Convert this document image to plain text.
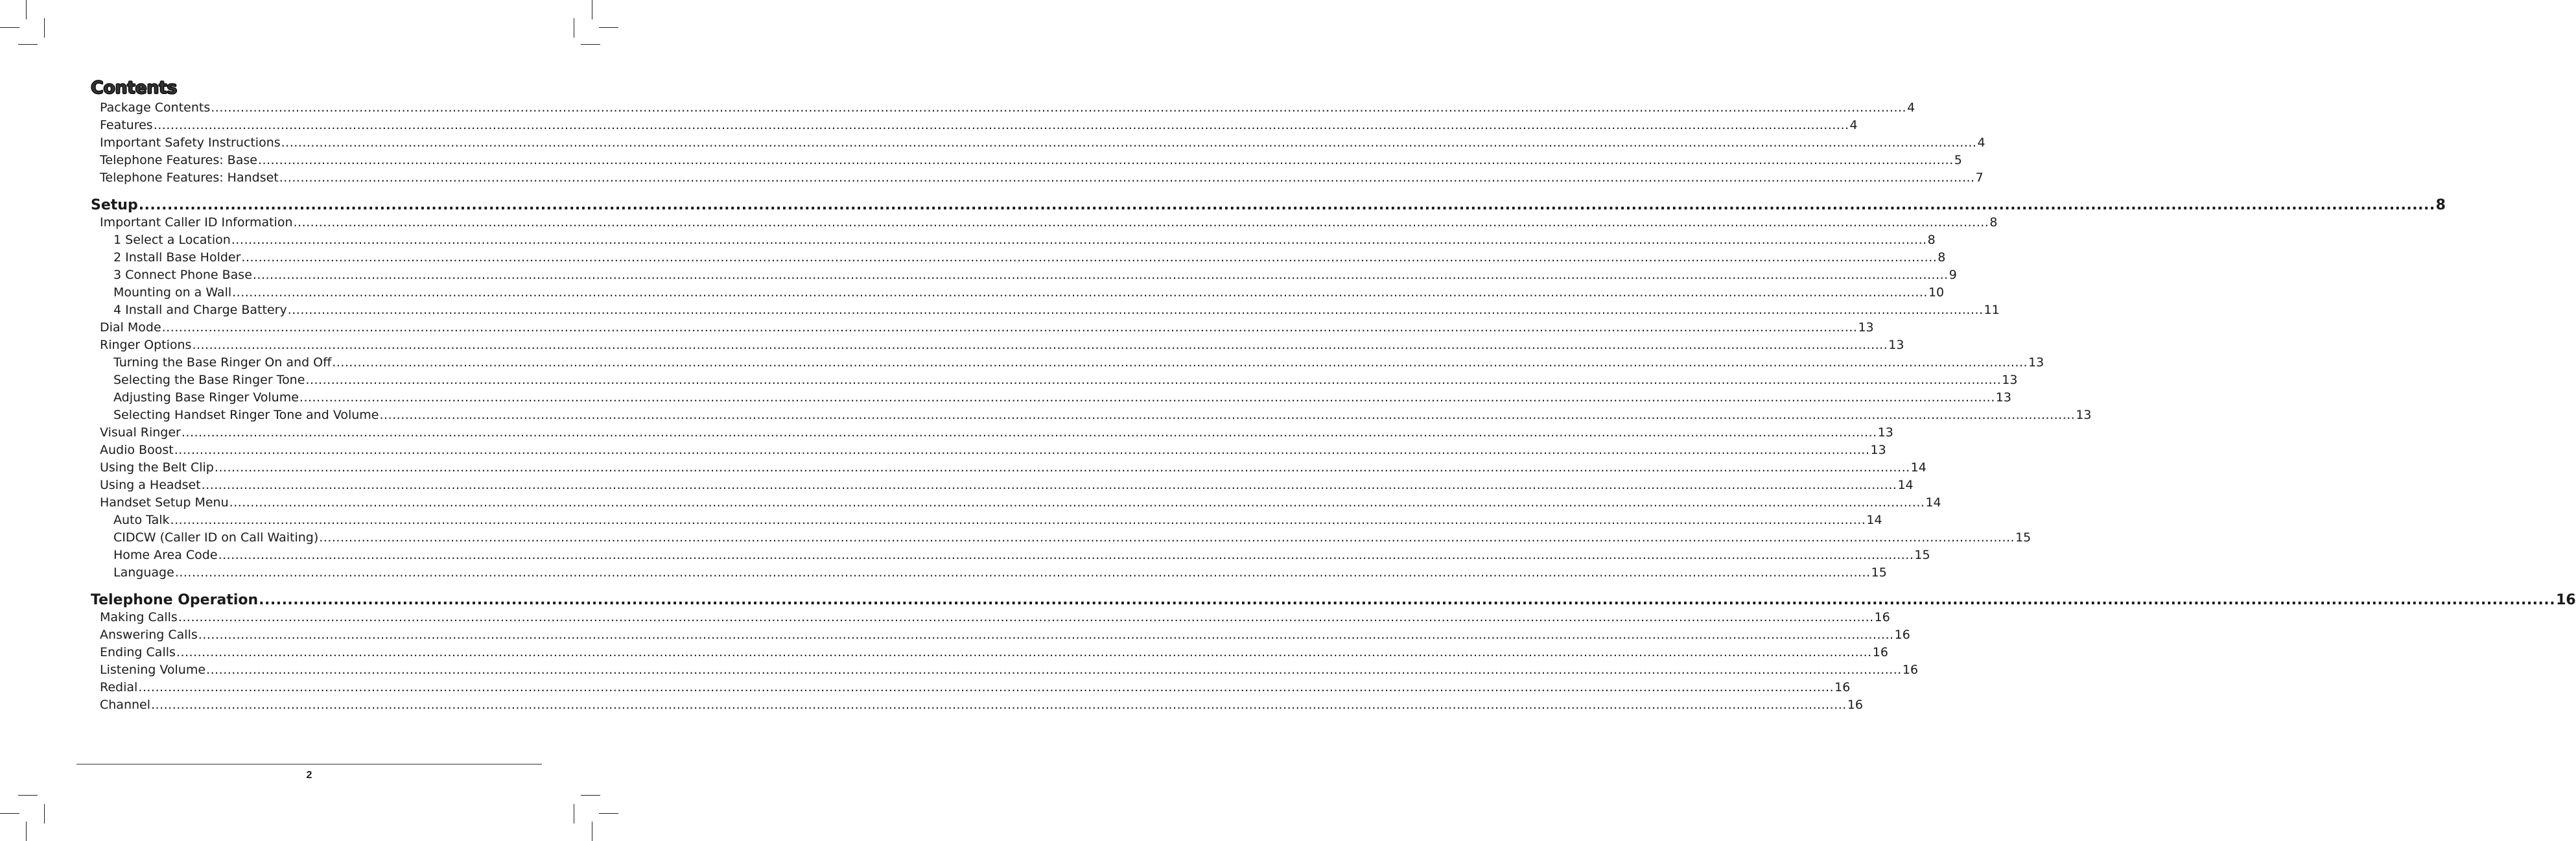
Contents
Package Contents ................................................................................................................................................................................................................................................................................................................................................................................................................ 4
Features ................................................................................................................................................................................................................................................................................................................................................................................................................ 4
Important Safety Instructions ................................................................................................................................................................................................................................................................................................................................................................................................................ 4
Telephone Features: Base ................................................................................................................................................................................................................................................................................................................................................................................................................ 5
Telephone Features: Handset ................................................................................................................................................................................................................................................................................................................................................................................................................ 7
Setup ................................................................................................................................................................................................................................................................................................................................................................................................................ 8
Important Caller ID Information ................................................................................................................................................................................................................................................................................................................................................................................................................ 8
1 Select a Location ................................................................................................................................................................................................................................................................................................................................................................................................................ 8
2 Install Base Holder ................................................................................................................................................................................................................................................................................................................................................................................................................ 8
3 Connect Phone Base ................................................................................................................................................................................................................................................................................................................................................................................................................ 9
Mounting on a Wall ................................................................................................................................................................................................................................................................................................................................................................................................................ 10
4 Install and Charge Battery ................................................................................................................................................................................................................................................................................................................................................................................................................ 11
Dial Mode ................................................................................................................................................................................................................................................................................................................................................................................................................ 13
Ringer Options ................................................................................................................................................................................................................................................................................................................................................................................................................ 13
Turning the Base Ringer On and Off ................................................................................................................................................................................................................................................................................................................................................................................................................ 13
Selecting the Base Ringer Tone ................................................................................................................................................................................................................................................................................................................................................................................................................ 13
Adjusting Base Ringer Volume ................................................................................................................................................................................................................................................................................................................................................................................................................ 13
Selecting Handset Ringer Tone and Volume ................................................................................................................................................................................................................................................................................................................................................................................................................ 13
Visual Ringer ................................................................................................................................................................................................................................................................................................................................................................................................................ 13
Audio Boost ................................................................................................................................................................................................................................................................................................................................................................................................................ 13
Using the Belt Clip ................................................................................................................................................................................................................................................................................................................................................................................................................ 14
Using a Headset ................................................................................................................................................................................................................................................................................................................................................................................................................ 14
Handset Setup Menu ................................................................................................................................................................................................................................................................................................................................................................................................................ 14
Auto Talk ................................................................................................................................................................................................................................................................................................................................................................................................................ 14
CIDCW (Caller ID on Call Waiting) ................................................................................................................................................................................................................................................................................................................................................................................................................ 15
Home Area Code ................................................................................................................................................................................................................................................................................................................................................................................................................ 15
Language ................................................................................................................................................................................................................................................................................................................................................................................................................ 15
Telephone Operation ................................................................................................................................................................................................................................................................................................................................................................................................................ 16
Making Calls ................................................................................................................................................................................................................................................................................................................................................................................................................ 16
Answering Calls ................................................................................................................................................................................................................................................................................................................................................................................................................ 16
Ending Calls ................................................................................................................................................................................................................................................................................................................................................................................................................ 16
Listening Volume ................................................................................................................................................................................................................................................................................................................................................................................................................ 16
Redial ................................................................................................................................................................................................................................................................................................................................................................................................................ 16
Channel ................................................................................................................................................................................................................................................................................................................................................................................................................ 16
2
